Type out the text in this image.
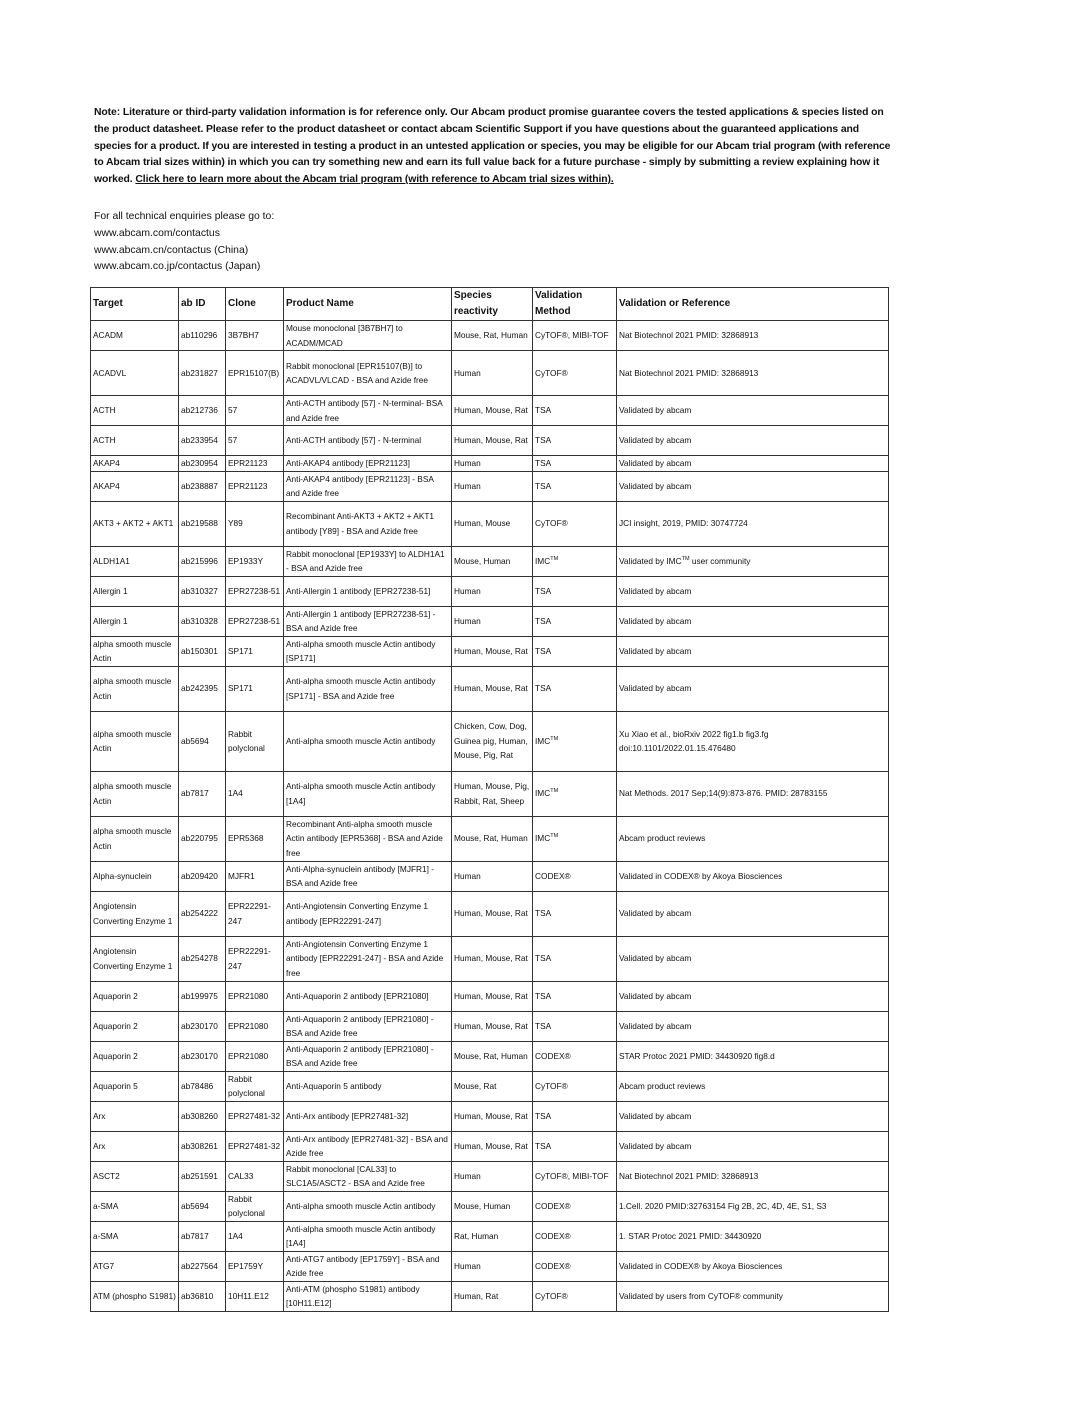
Note: Literature or third-party validation information is for reference only. Our Abcam product promise guarantee covers the tested applications & species listed on the product datasheet. Please refer to the product datasheet or contact abcam Scientific Support if you have questions about the guaranteed applications and species for a product. If you are interested in testing a product in an untested application or species, you may be eligible for our Abcam trial program (with reference to Abcam trial sizes within) in which you can try something new and earn its full value back for a future purchase - simply by submitting a review explaining how it worked. Click here to learn more about the Abcam trial program (with reference to Abcam trial sizes within).
For all technical enquiries please go to:
www.abcam.com/contactus
www.abcam.cn/contactus (China)
www.abcam.co.jp/contactus (Japan)
Target	ab ID	Clone	Product Name	Species reactivity	Validation Method	Validation or Reference
ACADM	ab110296	3B7BH7	Mouse monoclonal [3B7BH7] to ACADM/MCAD	Mouse, Rat, Human	CyTOF®, MIBI-TOF	Nat Biotechnol 2021 PMID: 32868913
ACADVL	ab231827	EPR15107(B)	Rabbit monoclonal [EPR15107(B)] to ACADVL/VLCAD - BSA and Azide free	Human	CyTOF®	Nat Biotechnol 2021 PMID: 32868913
ACTH	ab212736	57	Anti-ACTH antibody [57] - N-terminal- BSA and Azide free	Human, Mouse, Rat	TSA	Validated by abcam
ACTH	ab233954	57	Anti-ACTH antibody [57] - N-terminal	Human, Mouse, Rat	TSA	Validated by abcam
AKAP4	ab230954	EPR21123	Anti-AKAP4 antibody [EPR21123]	Human	TSA	Validated by abcam
AKAP4	ab238887	EPR21123	Anti-AKAP4 antibody [EPR21123] - BSA and Azide free	Human	TSA	Validated by abcam
AKT3 + AKT2 + AKT1	ab219588	Y89	Recombinant Anti-AKT3 + AKT2 + AKT1 antibody [Y89] - BSA and Azide free	Human, Mouse	CyTOF®	JCI insight, 2019, PMID: 30747724
ALDH1A1	ab215996	EP1933Y	Rabbit monoclonal [EP1933Y] to ALDH1A1 - BSA and Azide free	Mouse, Human	IMC™	Validated by IMC™ user community
Allergin 1	ab310327	EPR27238-51	Anti-Allergin 1 antibody [EPR27238-51]	Human	TSA	Validated by abcam
Allergin 1	ab310328	EPR27238-51	Anti-Allergin 1 antibody [EPR27238-51] - BSA and Azide free	Human	TSA	Validated by abcam
alpha smooth muscle Actin	ab150301	SP171	Anti-alpha smooth muscle Actin antibody [SP171]	Human, Mouse, Rat	TSA	Validated by abcam
alpha smooth muscle Actin	ab242395	SP171	Anti-alpha smooth muscle Actin antibody [SP171] - BSA and Azide free	Human, Mouse, Rat	TSA	Validated by abcam
alpha smooth muscle Actin	ab5694	Rabbit polyclonal	Anti-alpha smooth muscle Actin antibody	Chicken, Cow, Dog, Guinea pig, Human, Mouse, Pig, Rat	IMC™	Xu Xiao et al., bioRxiv 2022 fig1.b fig3.fg doi:10.1101/2022.01.15.476480
alpha smooth muscle Actin	ab7817	1A4	Anti-alpha smooth muscle Actin antibody [1A4]	Human, Mouse, Pig, Rabbit, Rat, Sheep	IMC™	Nat Methods. 2017 Sep;14(9):873-876. PMID: 28783155
alpha smooth muscle Actin	ab220795	EPR5368	Recombinant Anti-alpha smooth muscle Actin antibody [EPR5368] - BSA and Azide free	Mouse, Rat, Human	IMC™	Abcam product reviews
Alpha-synuclein	ab209420	MJFR1	Anti-Alpha-synuclein antibody [MJFR1] - BSA and Azide free	Human	CODEX®	Validated in CODEX® by Akoya Biosciences
Angiotensin Converting Enzyme 1	ab254222	EPR22291-247	Anti-Angiotensin Converting Enzyme 1 antibody [EPR22291-247]	Human, Mouse, Rat	TSA	Validated by abcam
Angiotensin Converting Enzyme 1	ab254278	EPR22291-247	Anti-Angiotensin Converting Enzyme 1 antibody [EPR22291-247] - BSA and Azide free	Human, Mouse, Rat	TSA	Validated by abcam
Aquaporin 2	ab199975	EPR21080	Anti-Aquaporin 2 antibody [EPR21080]	Human, Mouse, Rat	TSA	Validated by abcam
Aquaporin 2	ab230170	EPR21080	Anti-Aquaporin 2 antibody [EPR21080] - BSA and Azide free	Human, Mouse, Rat	TSA	Validated by abcam
Aquaporin 2	ab230170	EPR21080	Anti-Aquaporin 2 antibody [EPR21080] - BSA and Azide free	Mouse, Rat, Human	CODEX®	STAR Protoc 2021 PMID: 34430920 fig8.d
Aquaporin 5	ab78486	Rabbit polyclonal	Anti-Aquaporin 5 antibody	Mouse, Rat	CyTOF®	Abcam product reviews
Arx	ab308260	EPR27481-32	Anti-Arx antibody [EPR27481-32]	Human, Mouse, Rat	TSA	Validated by abcam
Arx	ab308261	EPR27481-32	Anti-Arx antibody [EPR27481-32] - BSA and Azide free	Human, Mouse, Rat	TSA	Validated by abcam
ASCT2	ab251591	CAL33	Rabbit monoclonal [CAL33] to SLC1A5/ASCT2 - BSA and Azide free	Human	CyTOF®, MIBI-TOF	Nat Biotechnol 2021 PMID: 32868913
a-SMA	ab5694	Rabbit polyclonal	Anti-alpha smooth muscle Actin antibody	Mouse, Human	CODEX®	1.Cell. 2020 PMID:32763154 Fig 2B, 2C, 4D, 4E, S1, S3
a-SMA	ab7817	1A4	Anti-alpha smooth muscle Actin antibody [1A4]	Rat, Human	CODEX®	1. STAR Protoc 2021 PMID: 34430920
ATG7	ab227564	EP1759Y	Anti-ATG7 antibody [EP1759Y] - BSA and Azide free	Human	CODEX®	Validated in CODEX® by Akoya Biosciences
ATM (phospho S1981)	ab36810	10H11.E12	Anti-ATM (phospho S1981) antibody [10H11.E12]	Human, Rat	CyTOF®	Validated by users from CyTOF® community
